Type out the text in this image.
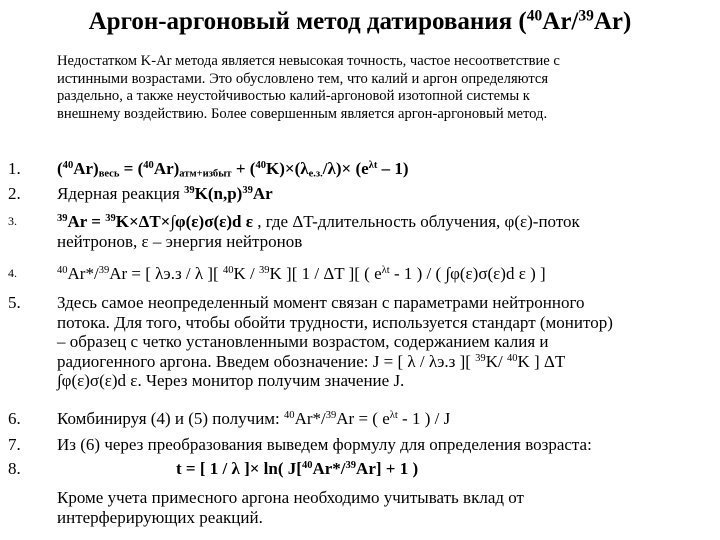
Аргон-аргоновый метод датирования ($^{40}$Ar/$^{39}$Ar)
Недостатком K-Ar метода является невысокая точность, частое несоответствие с
истинными возрастами. Это обусловлено тем, что калий и аргон определяются
раздельно, а также неустойчивостью калий-аргоновой изотопной системы к
внешнему воздействию. Более совершенным является аргон-аргоновый метод.
1. $(^{40}Ar)_{весь} = (^{40}Ar)_{атм+избыт} + (^{40}K)\times(\lambda_{е.з.}/\lambda)\times (e^{\lambda t} - 1)$
2. Ядерная реакция $^{39}K(n,p)^{39}Ar$
3.	$^{39}$Ar = $^{39}$K×ΔT×∫φ(ε)σ(ε)d ε , где ΔT-длительность облучения, φ(ε)-поток
нейтронов, ε – энергия нейтронов
4.	$^{40}$Ar*/$^{39}$Ar = [ λэ.з / λ ][ $^{40}$K / $^{39}$K ][ 1 / ΔT ][ ( $e^{\lambda t} - 1$ ) / ( ∫φ(ε)σ(ε)d ε ) ]
5. Здесь самое неопределенный момент связан с параметрами нейтронного
потока. Для того, чтобы обойти трудности, используется стандарт (монитор)
– образец с четко установленными возрастом, содержанием калия и
радиогенного аргона. Введем обозначение: J = [ λ / λэ.з ][ $^{39}$K/ $^{40}$K ] ΔT
∫φ(ε)σ(ε)d ε. Через монитор получим значение J.
6. Комбинируя (4) и (5) получим: $^{40}$Ar*/$^{39}$Ar = ( $e^{\lambda t} - 1$ ) / J
7. Из (6) через преобразования выведем формулу для определения возраста:
8.	t = [ 1 / λ ]× ln( J[$^{40}$Ar*/$^{39}$Ar] + 1 )
Кроме учета примесного аргона необходимо учитывать вклад от
интерферирующих реакций.
